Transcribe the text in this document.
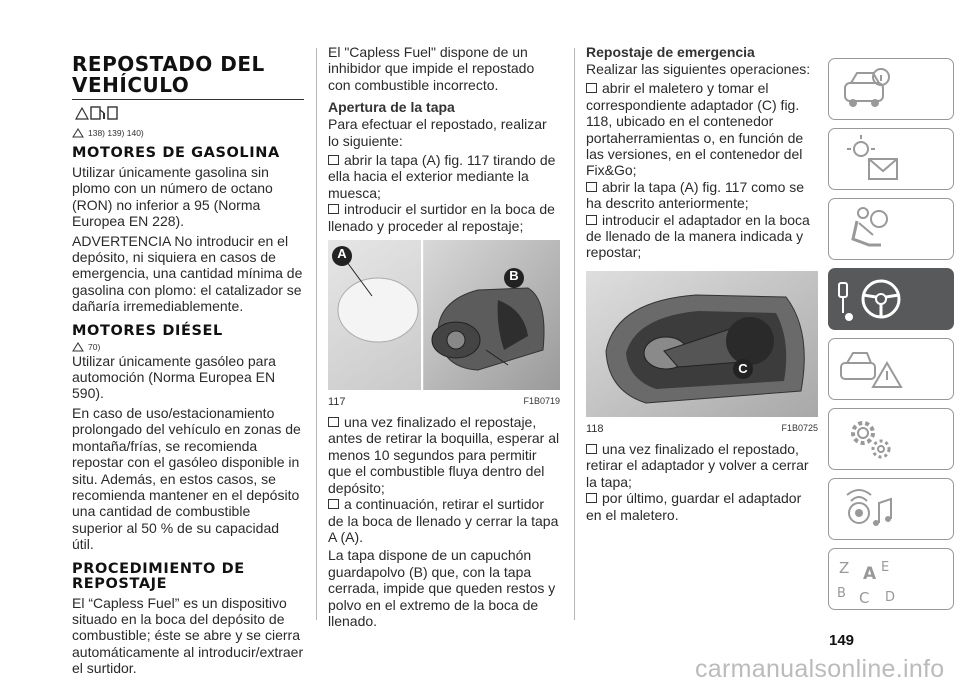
REPOSTADO DEL
VEHÍCULO
138) 139) 140)
MOTORES DE GASOLINA

Utilizar únicamente gasolina sin plomo con un número de octano (RON) no inferior a 95 (Norma Europea EN 228).

ADVERTENCIA No introducir en el depósito, ni siquiera en casos de emergencia, una cantidad mínima de gasolina con plomo: el catalizador se dañaría irremediablemente.

MOTORES DIÉSEL
70)

Utilizar únicamente gasóleo para automoción (Norma Europea EN 590).

En caso de uso/estacionamiento prolongado del vehículo en zonas de montaña/frías, se recomienda repostar con el gasóleo disponible in situ. Además, en estos casos, se recomienda mantener en el depósito una cantidad de combustible superior al 50 % de su capacidad útil.

PROCEDIMIENTO DE
REPOSTAJE

El “Capless Fuel” es un dispositivo situado en la boca del depósito de combustible; éste se abre y se cierra automáticamente al introducir/extraer el surtidor.

El "Capless Fuel" dispone de un inhibidor que impide el repostado con combustible incorrecto.

Apertura de la tapa

Para efectuar el repostado, realizar lo siguiente:

abrir la tapa (A) fig. 117 tirando de ella hacia el exterior mediante la muesca;
introducir el surtidor en la boca de llenado y proceder al repostaje;
A
B
117	F1B0719
una vez finalizado el repostaje, antes de retirar la boquilla, esperar al menos 10 segundos para permitir que el combustible fluya dentro del depósito;
a continuación, retirar el surtidor de la boca de llenado y cerrar la tapa A (A).

La tapa dispone de un capuchón guardapolvo (B) que, con la tapa cerrada, impide que queden restos y polvo en el extremo de la boca de llenado.

Repostaje de emergencia

Realizar las siguientes operaciones:

abrir el maletero y tomar el correspondiente adaptador (C) fig. 118, ubicado en el contenedor portaherramientas o, en función de las versiones, en el contenedor del Fix&Go;
abrir la tapa (A) fig. 117 como se ha descrito anteriormente;
introducir el adaptador en la boca de llenado de la manera indicada y repostar;
C
118	F1B0725
una vez finalizado el repostado, retirar el adaptador y volver a cerrar la tapa;
por último, guardar el adaptador en el maletero.
Z E
A
B C D
149
carmanualsonline.info
